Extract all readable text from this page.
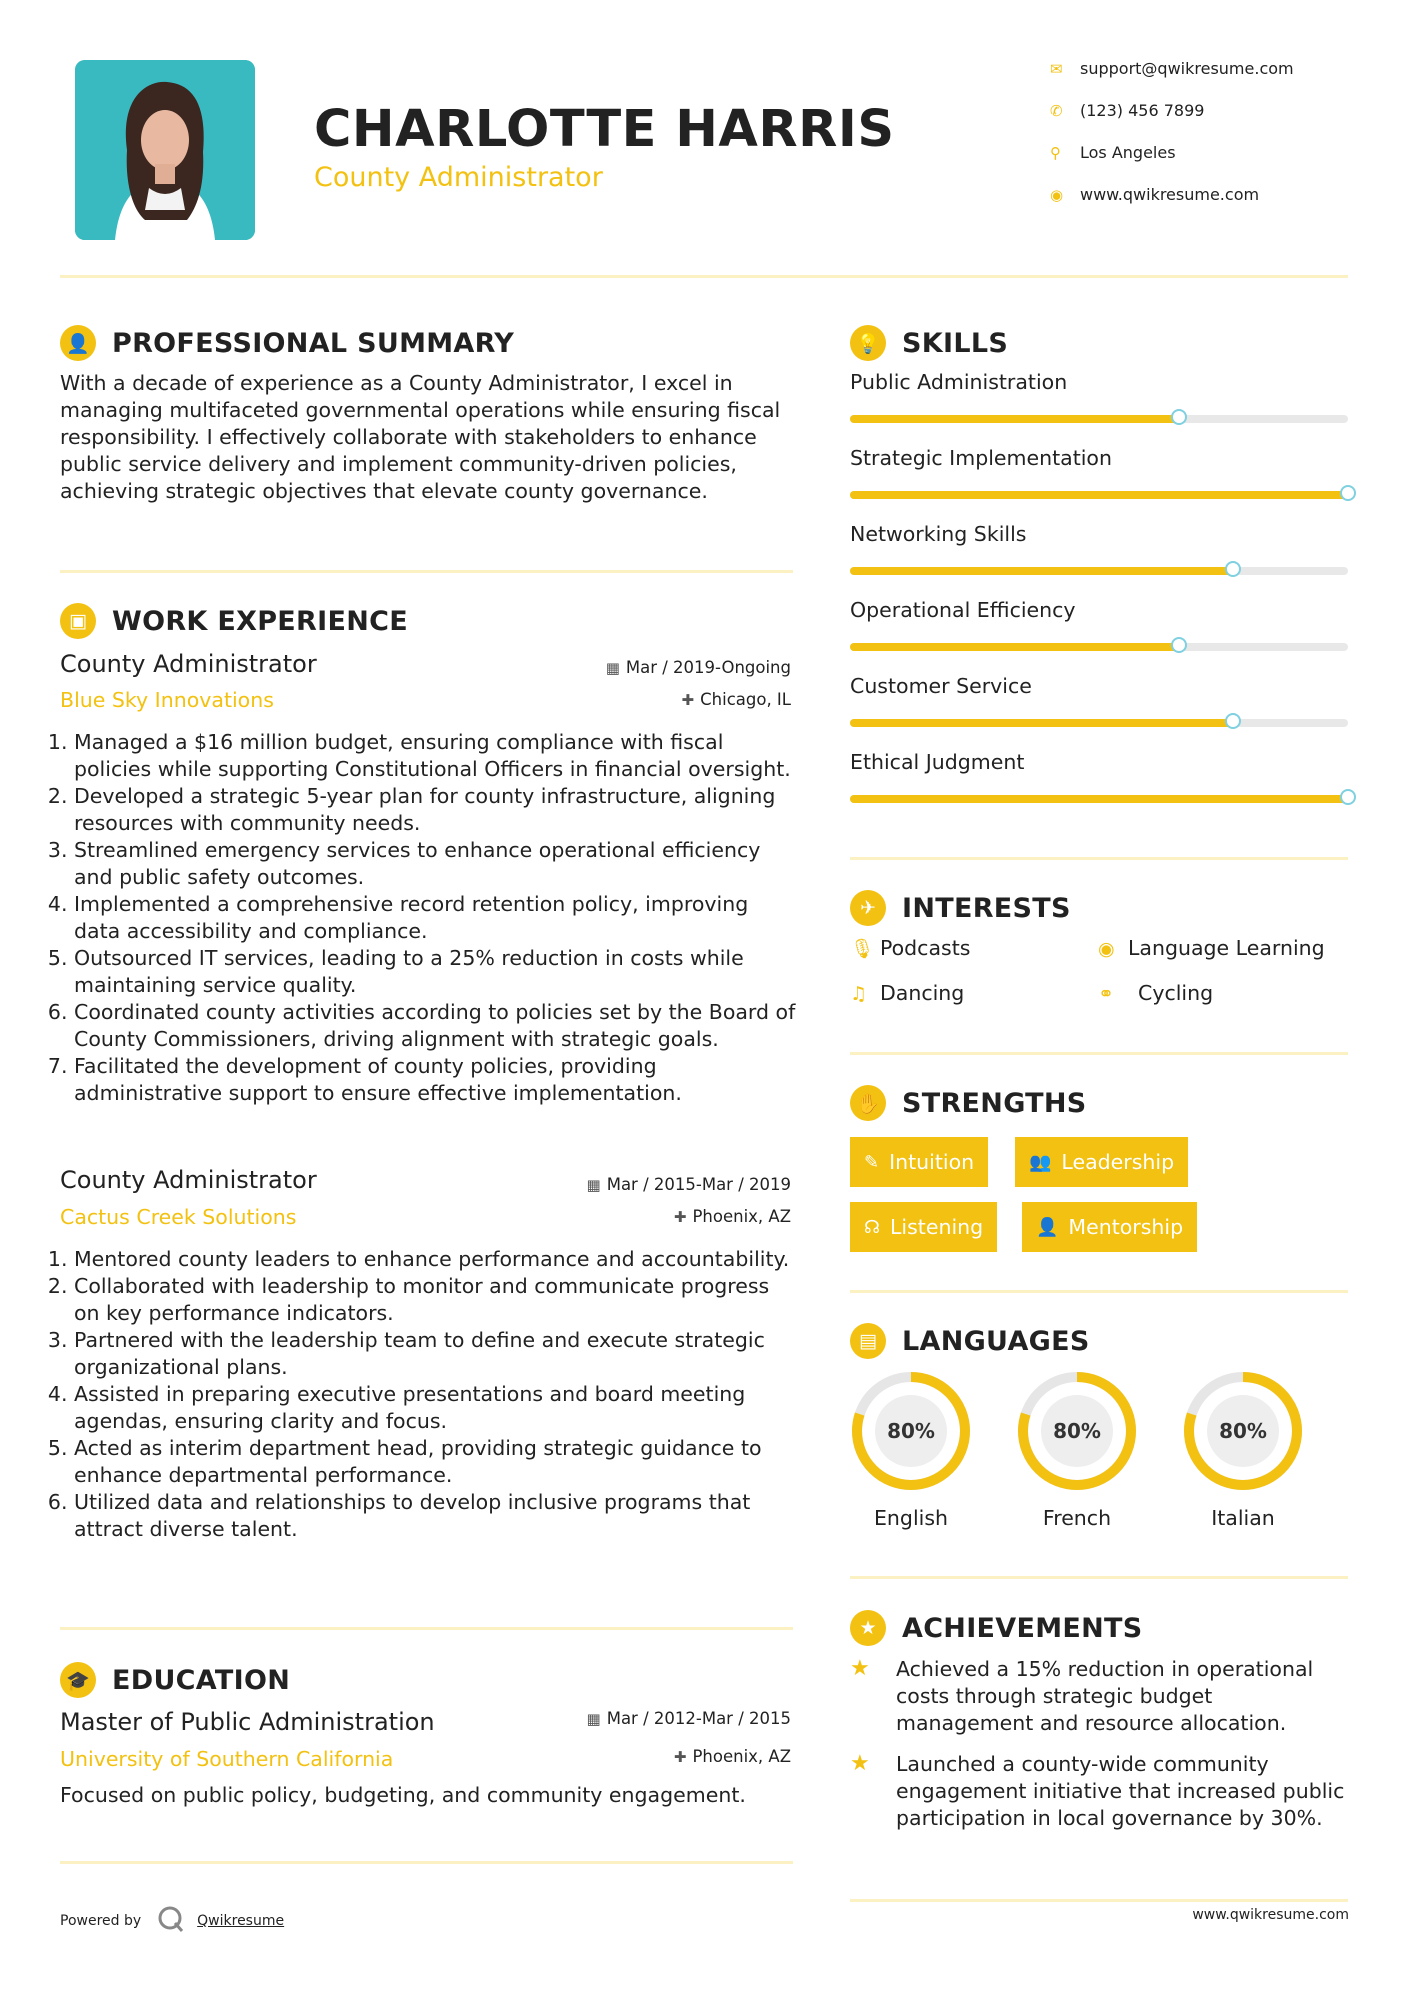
CHARLOTTE HARRIS
County Administrator
✉ support@qwikresume.com
✆ (123) 456 7899
⚲ Los Angeles
◉ www.qwikresume.com
👤 PROFESSIONAL SUMMARY
With a decade of experience as a County Administrator, I excel in managing multifaceted governmental operations while ensuring fiscal responsibility. I effectively collaborate with stakeholders to enhance public service delivery and implement community-driven policies, achieving strategic objectives that elevate county governance.
▣ WORK EXPERIENCE
County Administrator	▦ Mar / 2019-Ongoing
Blue Sky Innovations	✚ Chicago, IL
1. Managed a $16 million budget, ensuring compliance with fiscal policies while supporting Constitutional Officers in financial oversight.
2. Developed a strategic 5-year plan for county infrastructure, aligning resources with community needs.
3. Streamlined emergency services to enhance operational efficiency and public safety outcomes.
4. Implemented a comprehensive record retention policy, improving data accessibility and compliance.
5. Outsourced IT services, leading to a 25% reduction in costs while maintaining service quality.
6. Coordinated county activities according to policies set by the Board of County Commissioners, driving alignment with strategic goals.
7. Facilitated the development of county policies, providing administrative support to ensure effective implementation.
County Administrator	▦ Mar / 2015-Mar / 2019
Cactus Creek Solutions	✚ Phoenix, AZ
1. Mentored county leaders to enhance performance and accountability.
2. Collaborated with leadership to monitor and communicate progress on key performance indicators.
3. Partnered with the leadership team to define and execute strategic organizational plans.
4. Assisted in preparing executive presentations and board meeting agendas, ensuring clarity and focus.
5. Acted as interim department head, providing strategic guidance to enhance departmental performance.
6. Utilized data and relationships to develop inclusive programs that attract diverse talent.
🎓 EDUCATION
Master of Public Administration	▦ Mar / 2012-Mar / 2015
University of Southern California	✚ Phoenix, AZ
Focused on public policy, budgeting, and community engagement.
💡 SKILLS
Public Administration
Strategic Implementation
Networking Skills
Operational Efficiency
Customer Service
Ethical Judgment
✈ INTERESTS
🎙 Podcasts	◉ Language Learning
♫ Dancing	⚭ Cycling
✋ STRENGTHS
✎ Intuition	👥 Leadership
☊ Listening	👤 Mentorship
▤ LANGUAGES
80%
English
80%
French
80%
Italian
★ ACHIEVEMENTS
★	Achieved a 15% reduction in operational costs through strategic budget management and resource allocation.
★	Launched a county-wide community engagement initiative that increased public participation in local governance by 30%.
Powered by	Qwikresume	www.qwikresume.com
